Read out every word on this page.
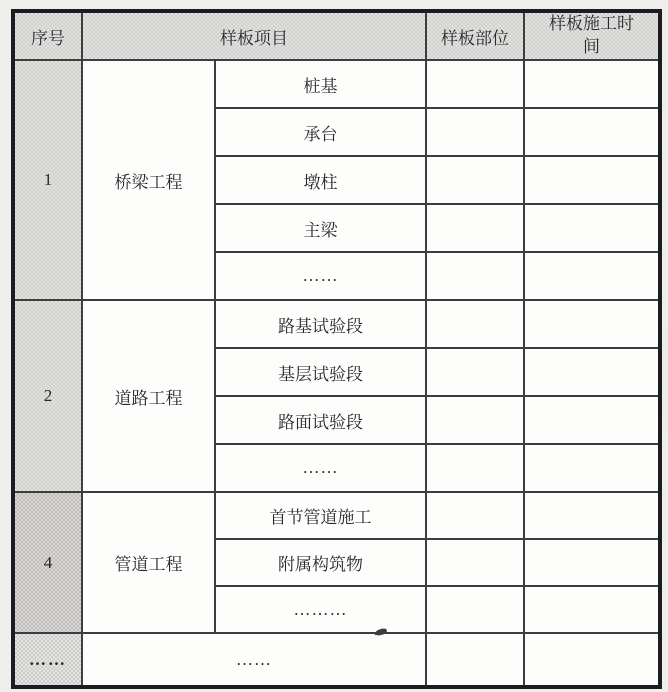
序号	样板项目		样板部位	样板施工时间

1	桥梁工程	桩基		
		承台		
		墩柱		
		主梁		
		……		
2	道路工程	路基试验段		
		基层试验段		
		路面试验段		
		……		
4	管道工程	首节管道施工		
		附属构筑物		
		………		
……	……			
